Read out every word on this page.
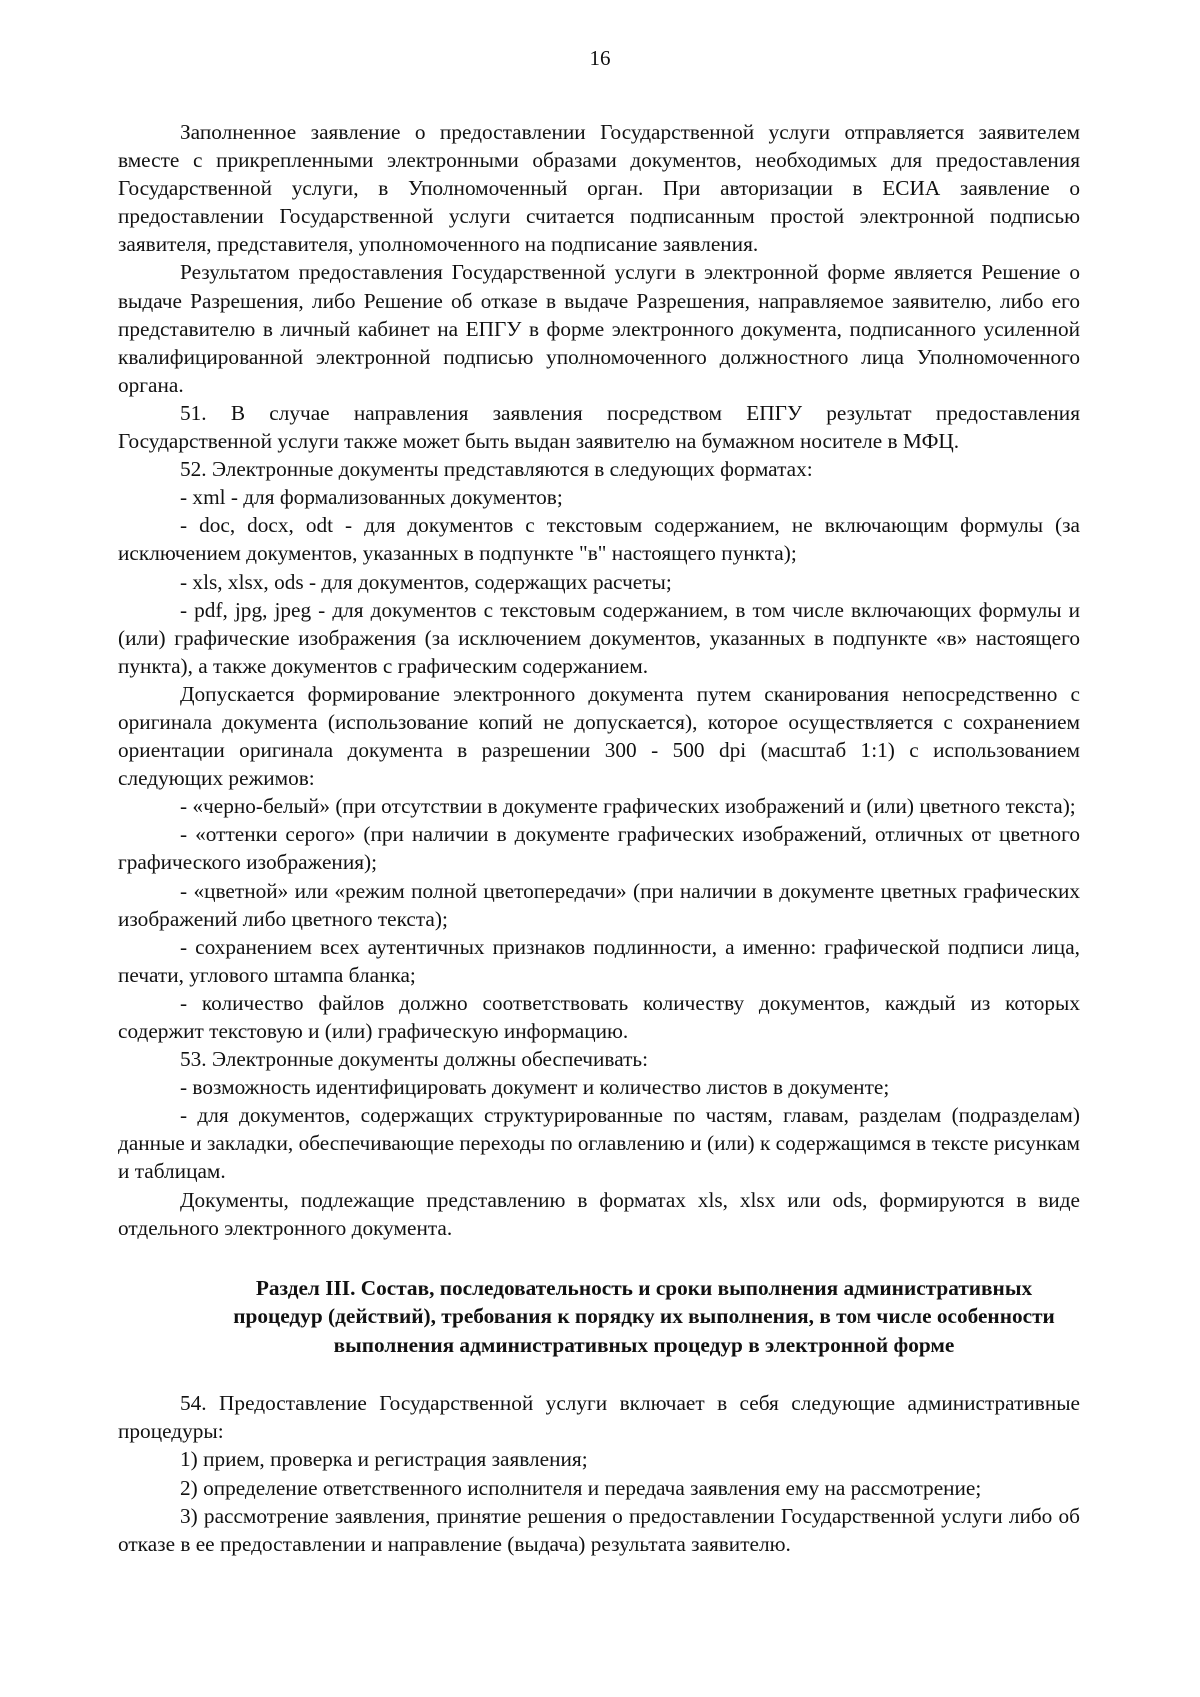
16

Заполненное заявление о предоставлении Государственной услуги отправляется заявителем вместе с прикрепленными электронными образами документов, необходимых для предоставления Государственной услуги, в Уполномоченный орган. При авторизации в ЕСИА заявление о предоставлении Государственной услуги считается подписанным простой электронной подписью заявителя, представителя, уполномоченного на подписание заявления.

Результатом предоставления Государственной услуги в электронной форме является Решение о выдаче Разрешения, либо Решение об отказе в выдаче Разрешения, направляемое заявителю, либо его представителю в личный кабинет на ЕПГУ в форме электронного документа, подписанного усиленной квалифицированной электронной подписью уполномоченного должностного лица Уполномоченного органа.

51. В случае направления заявления посредством ЕПГУ результат предоставления Государственной услуги также может быть выдан заявителю на бумажном носителе в МФЦ.

52. Электронные документы представляются в следующих форматах:

- xml - для формализованных документов;

- doc, docx, odt - для документов с текстовым содержанием, не включающим формулы (за исключением документов, указанных в подпункте "в" настоящего пункта);

- xls, xlsx, ods - для документов, содержащих расчеты;

- pdf, jpg, jpeg - для документов с текстовым содержанием, в том числе включающих формулы и (или) графические изображения (за исключением документов, указанных в подпункте «в» настоящего пункта), а также документов с графическим содержанием.

Допускается формирование электронного документа путем сканирования непосредственно с оригинала документа (использование копий не допускается), которое осуществляется с сохранением ориентации оригинала документа в разрешении 300 - 500 dpi (масштаб 1:1) с использованием следующих режимов:

- «черно-белый» (при отсутствии в документе графических изображений и (или) цветного текста);

- «оттенки серого» (при наличии в документе графических изображений, отличных от цветного графического изображения);

- «цветной» или «режим полной цветопередачи» (при наличии в документе цветных графических изображений либо цветного текста);

- сохранением всех аутентичных признаков подлинности, а именно: графической подписи лица, печати, углового штампа бланка;

- количество файлов должно соответствовать количеству документов, каждый из которых содержит текстовую и (или) графическую информацию.

53. Электронные документы должны обеспечивать:

- возможность идентифицировать документ и количество листов в документе;

- для документов, содержащих структурированные по частям, главам, разделам (подразделам) данные и закладки, обеспечивающие переходы по оглавлению и (или) к содержащимся в тексте рисункам и таблицам.

Документы, подлежащие представлению в форматах xls, xlsx или ods, формируются в виде отдельного электронного документа.

Раздел III. Состав, последовательность и сроки выполнения административных процедур (действий), требования к порядку их выполнения, в том числе особенности выполнения административных процедур в электронной форме

54. Предоставление Государственной услуги включает в себя следующие административные процедуры:

1) прием, проверка и регистрация заявления;

2) определение ответственного исполнителя и передача заявления ему на рассмотрение;

3) рассмотрение заявления, принятие решения о предоставлении Государственной услуги либо об отказе в ее предоставлении и направление (выдача) результата заявителю.
